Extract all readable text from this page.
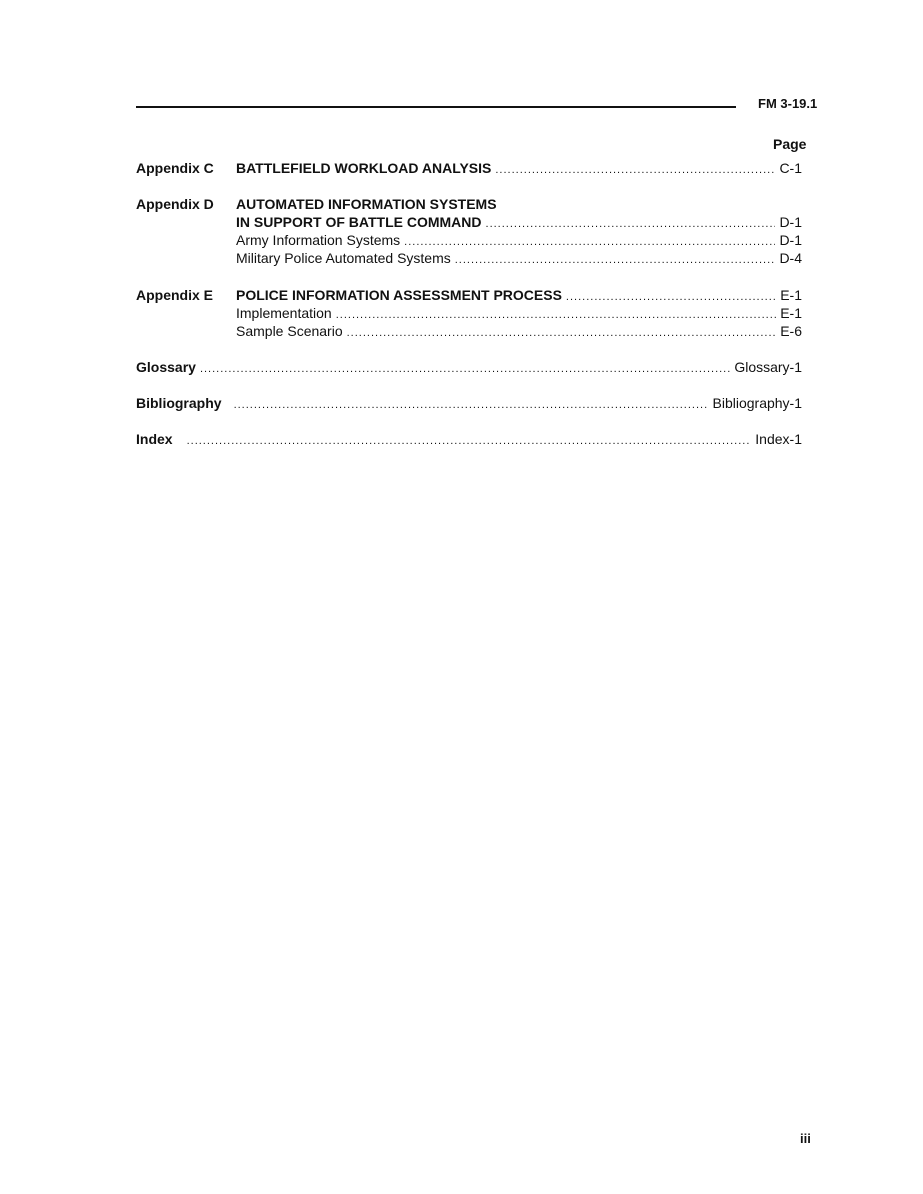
FM 3-19.1
Page
Appendix C BATTLEFIELD WORKLOAD ANALYSIS .....	C-1
Appendix D AUTOMATED INFORMATION SYSTEMS
IN SUPPORT OF BATTLE COMMAND .....	D-1
Army Information Systems .....	D-1
Military Police Automated Systems .....	D-4
Appendix E POLICE INFORMATION ASSESSMENT PROCESS .....	E-1
Implementation .....	E-1
Sample Scenario .....	E-6
Glossary .....	Glossary-1
Bibliography .....	Bibliography-1
Index .....	Index-1
iii
